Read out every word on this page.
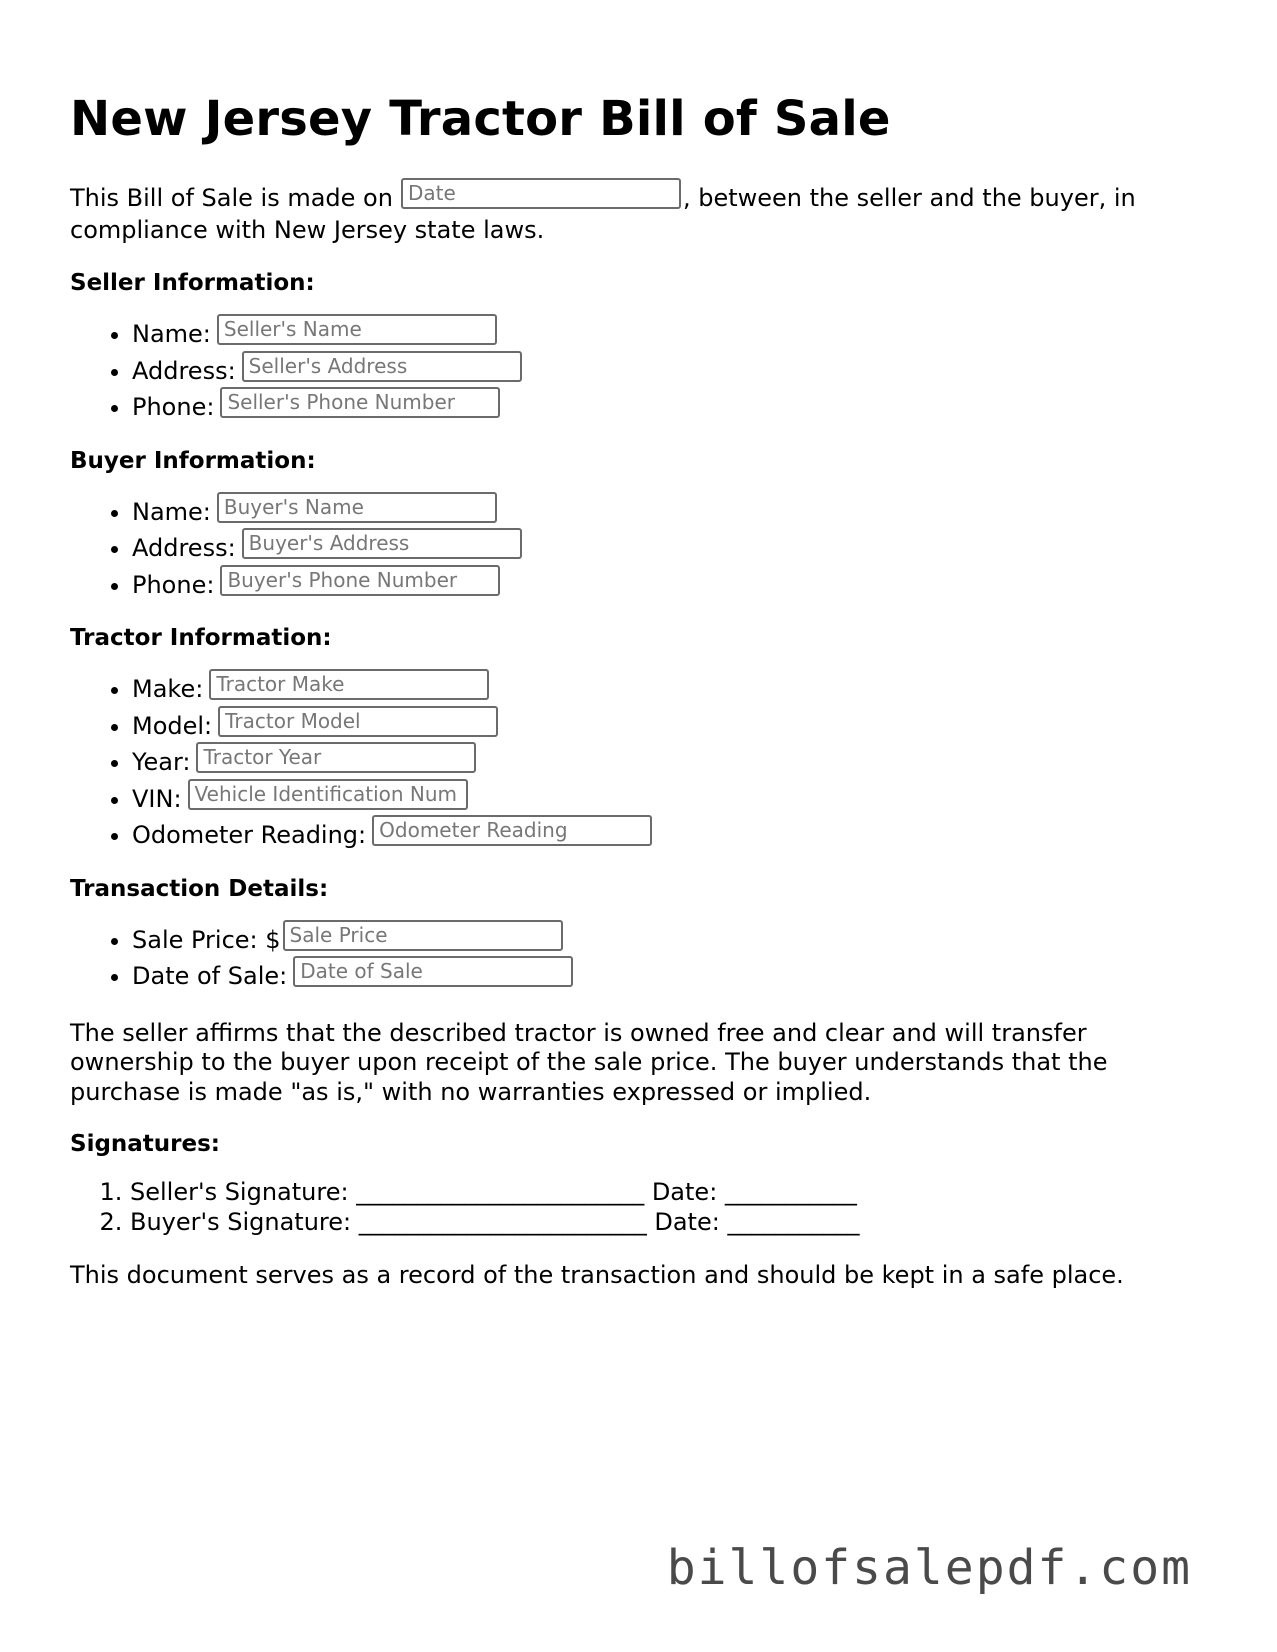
New Jersey Tractor Bill of Sale

This Bill of Sale is made on Date	, between the seller and the buyer, in compliance with New Jersey state laws.

Seller Information:
• Name: Seller's Name
• Address: Seller's Address
• Phone: Seller's Phone Number
Buyer Information:
• Name: Buyer's Name
• Address: Buyer's Address
• Phone: Buyer's Phone Number
Tractor Information:
• Make: Tractor Make
• Model: Tractor Model
• Year: Tractor Year
• VIN: Vehicle Identification Num
• Odometer Reading: Odometer Reading
Transaction Details:
• Sale Price: $ Sale Price
• Date of Sale: Date of Sale

The seller affirms that the described tractor is owned free and clear and will transfer ownership to the buyer upon receipt of the sale price. The buyer understands that the purchase is made "as is," with no warranties expressed or implied.

Signatures:
1. Seller's Signature: ________________________ Date: ___________
2. Buyer's Signature: ________________________ Date: ___________

This document serves as a record of the transaction and should be kept in a safe place.

billofsalepdf.com
